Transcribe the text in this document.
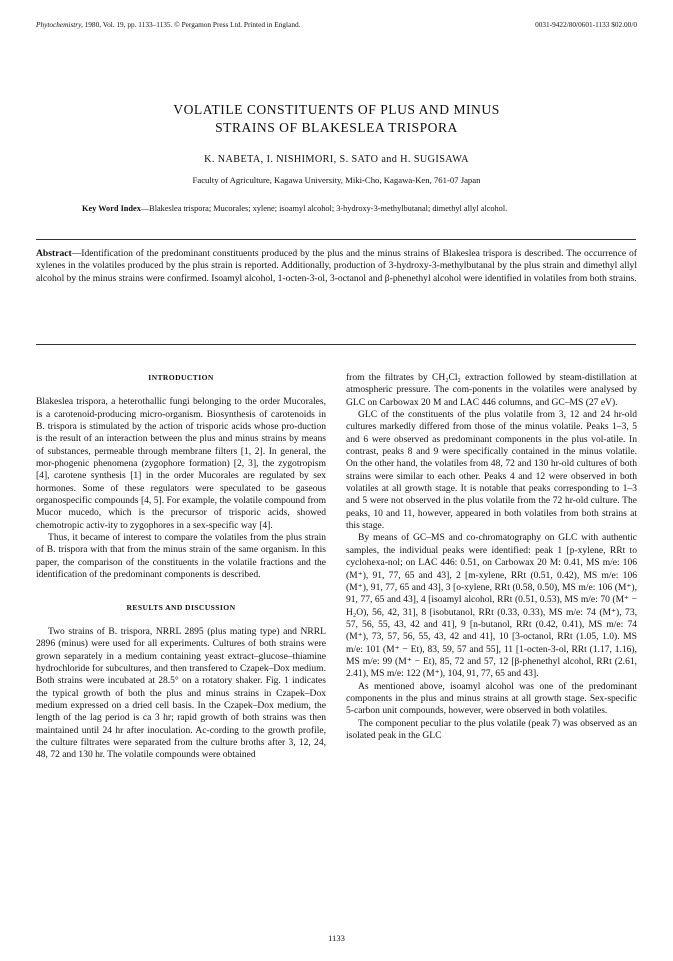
Phytochemistry, 1980, Vol. 19, pp. 1133–1135. © Pergamon Press Ltd. Printed in England.	0031-9422/80/0601-1133 $02.00/0
VOLATILE CONSTITUENTS OF PLUS AND MINUS
STRAINS OF BLAKESLEA TRISPORA
K. NABETA, I. NISHIMORI, S. SATO and H. SUGISAWA
Faculty of Agriculture, Kagawa University, Miki-Cho, Kagawa-Ken, 761-07 Japan
Key Word Index—Blakeslea trispora; Mucorales; xylene; isoamyl alcohol; 3-hydroxy-3-methylbutanal; dimethyl allyl alcohol.
Abstract—Identification of the predominant constituents produced by the plus and the minus strains of Blakeslea trispora is described. The occurrence of xylenes in the volatiles produced by the plus strain is reported. Additionally, production of 3-hydroxy-3-methylbutanal by the plus strain and dimethyl allyl alcohol by the minus strains were confirmed. Isoamyl alcohol, 1-octen-3-ol, 3-octanol and β-phenethyl alcohol were identified in volatiles from both strains.
INTRODUCTION

Blakeslea trispora, a heterothallic fungi belonging to the order Mucorales, is a carotenoid-producing micro-organism. Biosynthesis of carotenoids in B. trispora is stimulated by the action of trisporic acids whose pro-duction is the result of an interaction between the plus and minus strains by means of substances, permeable through membrane filters [1, 2]. In general, the mor-phogenic phenomena (zygophore formation) [2, 3], the zygotropism [4], carotene synthesis [1] in the order Mucorales are regulated by sex hormones. Some of these regulators were speculated to be gaseous organospecific compounds [4, 5]. For example, the volatile compound from Mucor mucedo, which is the precursor of trisporic acids, showed chemotropic activ-ity to zygophores in a sex-specific way [4].

Thus, it became of interest to compare the volatiles from the plus strain of B. trispora with that from the minus strain of the same organism. In this paper, the comparison of the constituents in the volatile fractions and the identification of the predominant components is described.

RESULTS AND DISCUSSION

Two strains of B. trispora, NRRL 2895 (plus mating type) and NRRL 2896 (minus) were used for all experiments. Cultures of both strains were grown separately in a medium containing yeast extract–glucose–thiamine hydrochloride for subcultures, and then transfered to Czapek–Dox medium. Both strains were incubated at 28.5° on a rotatory shaker. Fig. 1 indicates the typical growth of both the plus and minus strains in Czapek–Dox medium expressed on a dried cell basis. In the Czapek–Dox medium, the length of the lag period is ca 3 hr; rapid growth of both strains was then maintained until 24 hr after inoculation. Ac-cording to the growth profile, the culture filtrates were separated from the culture broths after 3, 12, 24, 48, 72 and 130 hr. The volatile compounds were obtained

from the filtrates by CH₂Cl₂ extraction followed by steam-distillation at atmospheric pressure. The com-ponents in the volatiles were analysed by GLC on Carbowax 20 M and LAC 446 columns, and GC–MS (27 eV).

GLC of the constituents of the plus volatile from 3, 12 and 24 hr-old cultures markedly differed from those of the minus volatile. Peaks 1–3, 5 and 6 were observed as predominant components in the plus vol-atile. In contrast, peaks 8 and 9 were specifically contained in the minus volatile. On the other hand, the volatiles from 48, 72 and 130 hr-old cultures of both strains were similar to each other. Peaks 4 and 12 were observed in both volatiles at all growth stage. It is notable that peaks corresponding to 1–3 and 5 were not observed in the plus volatile from the 72 hr-old culture. The peaks, 10 and 11, however, appeared in both volatiles from both strains at this stage.

By means of GC–MS and co-chromatography on GLC with authentic samples, the individual peaks were identified: peak 1 [p-xylene, RRt to cyclohexa-nol; on LAC 446: 0.51, on Carbowax 20 M: 0.41, MS m/e: 106 (M⁺), 91, 77, 65 and 43], 2 [m-xylene, RRt (0.51, 0.42), MS m/e: 106 (M⁺), 91, 77, 65 and 43], 3 [o-xylene, RRt (0.58, 0.50), MS m/e: 106 (M⁺), 91, 77, 65 and 43], 4 [isoamyl alcohol, RRt (0.51, 0.53), MS m/e: 70 (M⁺ − H₂O), 56, 42, 31], 8 [isobutanol, RRt (0.33, 0.33), MS m/e: 74 (M⁺), 73, 57, 56, 55, 43, 42 and 41], 9 [n-butanol, RRt (0.42, 0.41), MS m/e: 74 (M⁺), 73, 57, 56, 55, 43, 42 and 41], 10 [3-octanol, RRt (1.05, 1.0). MS m/e: 101 (M⁺ − Et), 83, 59, 57 and 55], 11 [1-octen-3-ol, RRt (1.17, 1.16), MS m/e: 99 (M⁺ − Et), 85, 72 and 57, 12 [β-phenethyl alcohol, RRt (2.61, 2.41), MS m/e: 122 (M⁺), 104, 91, 77, 65 and 43].

As mentioned above, isoamyl alcohol was one of the predominant components in the plus and minus strains at all growth stage. Sex-specific 5-carbon unit compounds, however, were observed in both volatiles.

The component peculiar to the plus volatile (peak 7) was observed as an isolated peak in the GLC

1133
